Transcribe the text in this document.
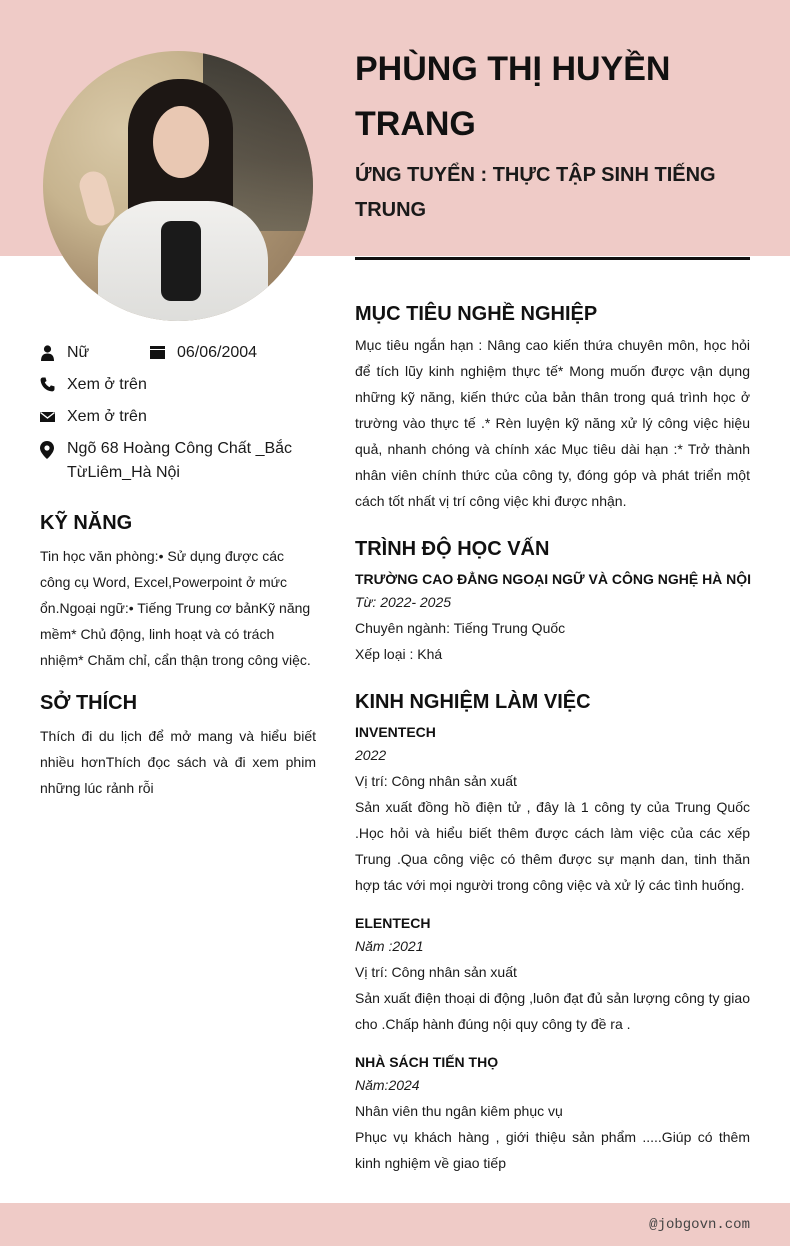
PHÙNG THỊ HUYỀN TRANG
ỨNG TUYỂN : THỰC TẬP SINH TIẾNG TRUNG
Nữ	06/06/2004
Xem ở trên
Xem ở trên
Ngõ 68 Hoàng Công Chất _Bắc TừLiêm_Hà Nội
KỸ NĂNG

Tin học văn phòng:• Sử dụng được các công cụ Word, Excel,Powerpoint ở mức ổn.Ngoại ngữ:• Tiếng Trung cơ bảnKỹ năng mềm* Chủ động, linh hoạt và có trách nhiệm* Chăm chỉ, cẩn thận trong công việc.

SỞ THÍCH

Thích đi du lịch để mở mang và hiểu biết nhiều hơnThích đọc sách và đi xem phim những lúc rảnh rỗi

MỤC TIÊU NGHỀ NGHIỆP

Mục tiêu ngắn hạn : Nâng cao kiến thứa chuyên môn, học hỏi để tích lũy kinh nghiệm thực tế* Mong muốn được vận dụng những kỹ năng, kiến thức của bản thân trong quá trình học ở trường vào thực tế .* Rèn luyện kỹ năng xử lý công việc hiệu quả, nhanh chóng và chính xác Mục tiêu dài hạn :* Trở thành nhân viên chính thức của công ty, đóng góp và phát triển một cách tốt nhất vị trí công việc khi được nhận.

TRÌNH ĐỘ HỌC VẤN
TRƯỜNG CAO ĐẲNG NGOẠI NGỮ VÀ CÔNG NGHỆ HÀ NỘI
Từ: 2022- 2025
Chuyên ngành: Tiếng Trung Quốc
Xếp loại : Khá
KINH NGHIỆM LÀM VIỆC
INVENTECH
2022
Vị trí: Công nhân sản xuất

Sản xuất đồng hồ điện tử , đây là 1 công ty của Trung Quốc .Học hỏi và hiểu biết thêm được cách làm việc của các xếp Trung .Qua công việc có thêm được sự mạnh dan, tinh thăn hợp tác với mọi người trong công việc và xử lý các tình huống.

ELENTECH
Năm :2021
Vị trí: Công nhân sản xuất

Sản xuất điện thoại di động ,luôn đạt đủ sản lượng công ty giao cho .Chấp hành đúng nội quy công ty đề ra .

NHÀ SÁCH TIẾN THỌ
Năm:2024
Nhân viên thu ngân kiêm phục vụ

Phục vụ khách hàng , giới thiệu sản phẩm .....Giúp có thêm kinh nghiệm về giao tiếp

@jobgovn.com
